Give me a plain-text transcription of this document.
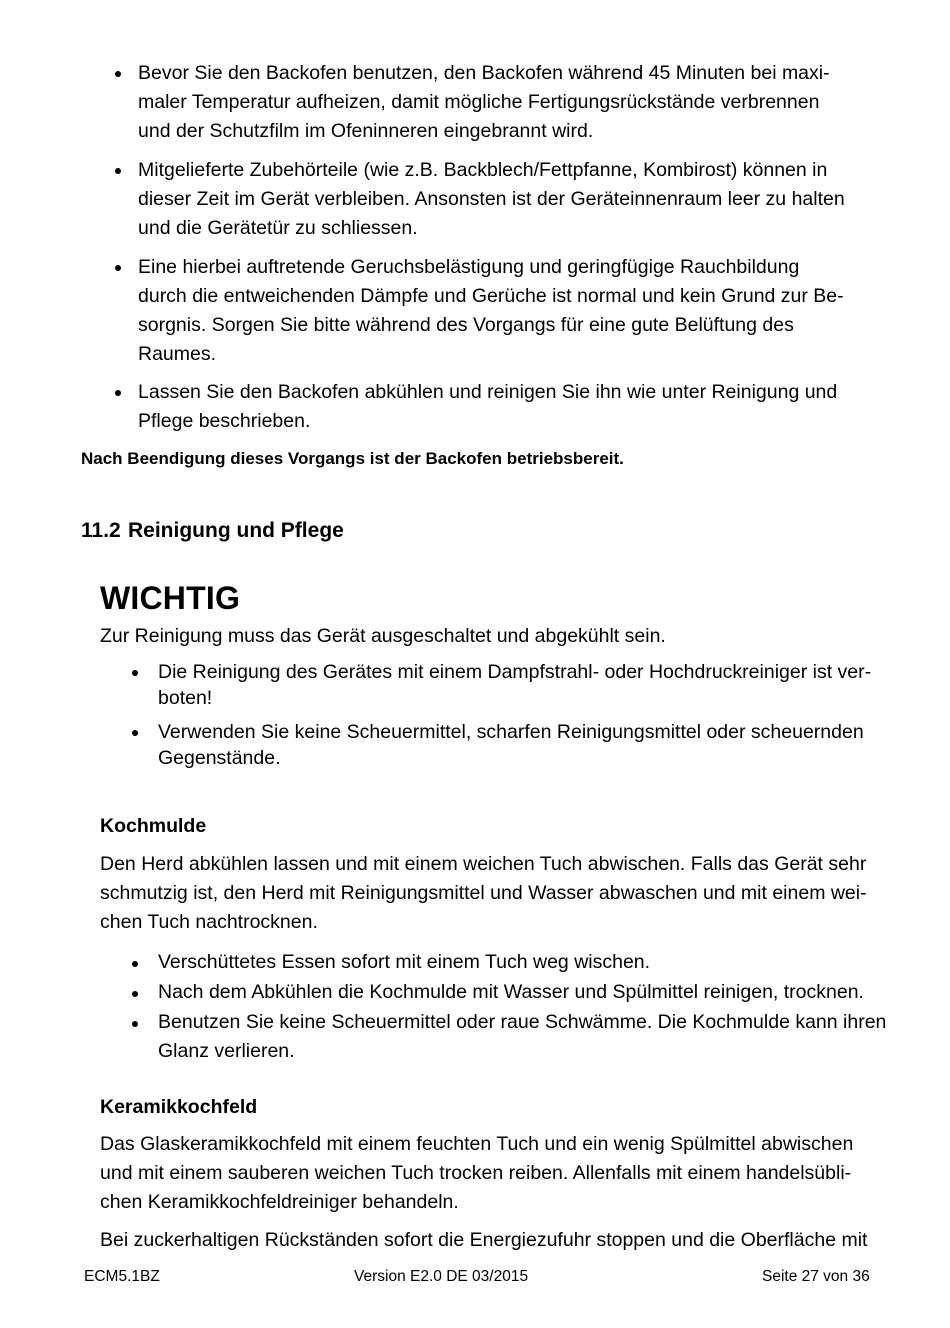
Bevor Sie den Backofen benutzen, den Backofen während 45 Minuten bei maxi-
maler Temperatur aufheizen, damit mögliche Fertigungsrückstände verbrennen
und der Schutzfilm im Ofeninneren eingebrannt wird.
Mitgelieferte Zubehörteile (wie z.B. Backblech/Fettpfanne, Kombirost) können in
dieser Zeit im Gerät verbleiben. Ansonsten ist der Geräteinnenraum leer zu halten
und die Gerätetür zu schliessen.
Eine hierbei auftretende Geruchsbelästigung und geringfügige Rauchbildung
durch die entweichenden Dämpfe und Gerüche ist normal und kein Grund zur Be-
sorgnis. Sorgen Sie bitte während des Vorgangs für eine gute Belüftung des
Raumes.
Lassen Sie den Backofen abkühlen und reinigen Sie ihn wie unter Reinigung und
Pflege beschrieben.
Nach Beendigung dieses Vorgangs ist der Backofen betriebsbereit.
11.2 Reinigung und Pflege
WICHTIG
Zur Reinigung muss das Gerät ausgeschaltet und abgekühlt sein.
Die Reinigung des Gerätes mit einem Dampfstrahl- oder Hochdruckreiniger ist ver-
boten!
Verwenden Sie keine Scheuermittel, scharfen Reinigungsmittel oder scheuernden
Gegenstände.
Kochmulde
Den Herd abkühlen lassen und mit einem weichen Tuch abwischen. Falls das Gerät sehr
schmutzig ist, den Herd mit Reinigungsmittel und Wasser abwaschen und mit einem wei-
chen Tuch nachtrocknen.
Verschüttetes Essen sofort mit einem Tuch weg wischen.
Nach dem Abkühlen die Kochmulde mit Wasser und Spülmittel reinigen, trocknen.
Benutzen Sie keine Scheuermittel oder raue Schwämme. Die Kochmulde kann ihren
Glanz verlieren.
Keramikkochfeld
Das Glaskeramikkochfeld mit einem feuchten Tuch und ein wenig Spülmittel abwischen
und mit einem sauberen weichen Tuch trocken reiben. Allenfalls mit einem handelsübli-
chen Keramikkochfeldreiniger behandeln.
Bei zuckerhaltigen Rückständen sofort die Energiezufuhr stoppen und die Oberfläche mit
ECM5.1BZ	Version E2.0 DE 03/2015	Seite 27 von 36
